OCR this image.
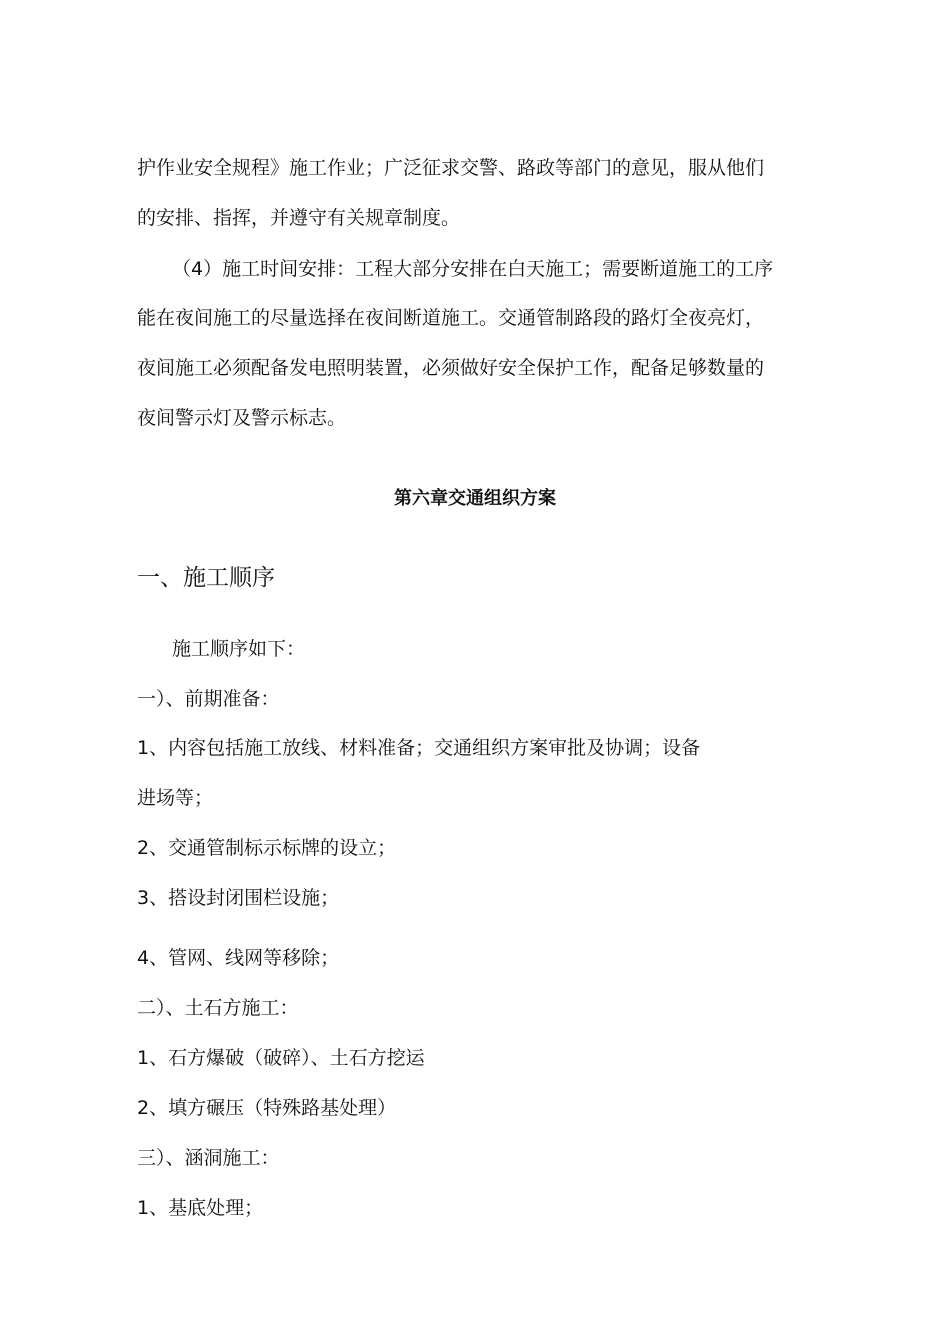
护作业安全规程》施工作业；广泛征求交警、路政等部门的意见，服从他们
的安排、指挥，并遵守有关规章制度。
（4）施工时间安排：工程大部分安排在白天施工；需要断道施工的工序
能在夜间施工的尽量选择在夜间断道施工。交通管制路段的路灯全夜亮灯，
夜间施工必须配备发电照明装置，必须做好安全保护工作，配备足够数量的
夜间警示灯及警示标志。
第六章交通组织方案
一、施工顺序
施工顺序如下：
一）、前期准备：
1、内容包括施工放线、材料准备；交通组织方案审批及协调；设备
进场等；
2、交通管制标示标牌的设立；
3、搭设封闭围栏设施；
4、管网、线网等移除；
二）、土石方施工：
1、石方爆破（破碎）、土石方挖运
2、填方碾压（特殊路基处理）
三）、涵洞施工：
1、基底处理；
